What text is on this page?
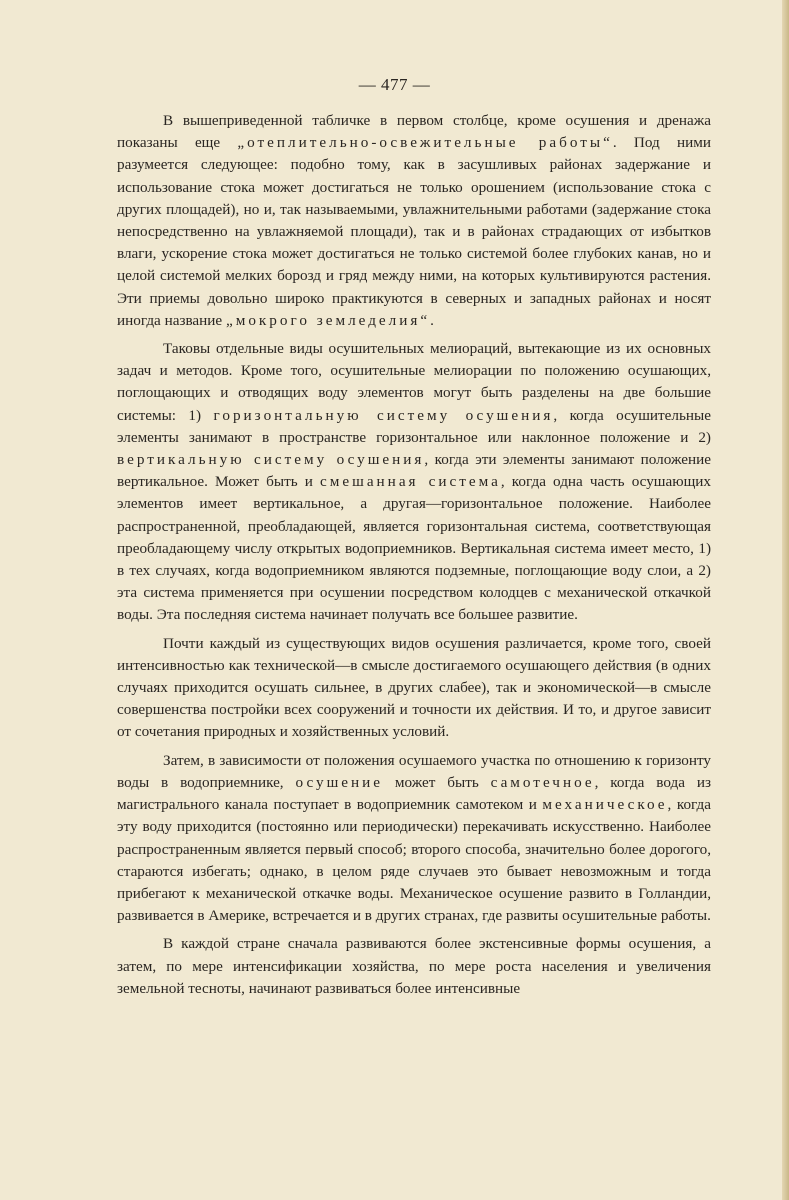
— 477 —

В вышеприведенной табличке в первом столбце, кроме осушения и дренажа показаны еще „отеплительно-освежительные работы“. Под ними разумеется следующее: подобно тому, как в засушливых районах задержание и использование стока может достигаться не только орошением (использование стока с других площадей), но и, так называемыми, увлажнительными работами (задержание стока непосредственно на увлажняемой площади), так и в районах страдающих от избытков влаги, ускорение стока может достигаться не только системой более глубоких канав, но и целой системой мелких борозд и гряд между ними, на которых культивируются растения. Эти приемы довольно широко практикуются в северных и западных районах и носят иногда название „мокрого земледелия“.

Таковы отдельные виды осушительных мелиораций, вытекающие из их основных задач и методов. Кроме того, осушительные мелиорации по положению осушающих, поглощающих и отводящих воду элементов могут быть разделены на две большие системы: 1) горизонтальную систему осушения, когда осушительные элементы занимают в пространстве горизонтальное или наклонное положение и 2) вертикальную систему осушения, когда эти элементы занимают положение вертикальное. Может быть и смешанная система, когда одна часть осушающих элементов имеет вертикальное, а другая—горизонтальное положение. Наиболее распространенной, преобладающей, является горизонтальная система, соответствующая преобладающему числу открытых водоприемников. Вертикальная система имеет место, 1) в тех случаях, когда водоприемником являются подземные, поглощающие воду слои, а 2) эта система применяется при осушении посредством колодцев с механической откачкой воды. Эта последняя система начинает получать все большее развитие.

Почти каждый из существующих видов осушения различается, кроме того, своей интенсивностью как технической—в смысле достигаемого осушающего действия (в одних случаях приходится осушать сильнее, в других слабее), так и экономической—в смысле совершенства постройки всех сооружений и точности их действия. И то, и другое зависит от сочетания природных и хозяйственных условий.

Затем, в зависимости от положения осушаемого участка по отношению к горизонту воды в водоприемнике, осушение может быть самотечное, когда вода из магистрального канала поступает в водоприемник самотеком и механическое, когда эту воду приходится (постоянно или периодически) перекачивать искусственно. Наиболее распространенным является первый способ; второго способа, значительно более дорогого, стараются избегать; однако, в целом ряде случаев это бывает невозможным и тогда прибегают к механической откачке воды. Механическое осушение развито в Голландии, развивается в Америке, встречается и в других странах, где развиты осушительные работы.

В каждой стране сначала развиваются более экстенсивные формы осушения, а затем, по мере интенсификации хозяйства, по мере роста населения и увеличения земельной тесноты, начинают развиваться более интенсивные
